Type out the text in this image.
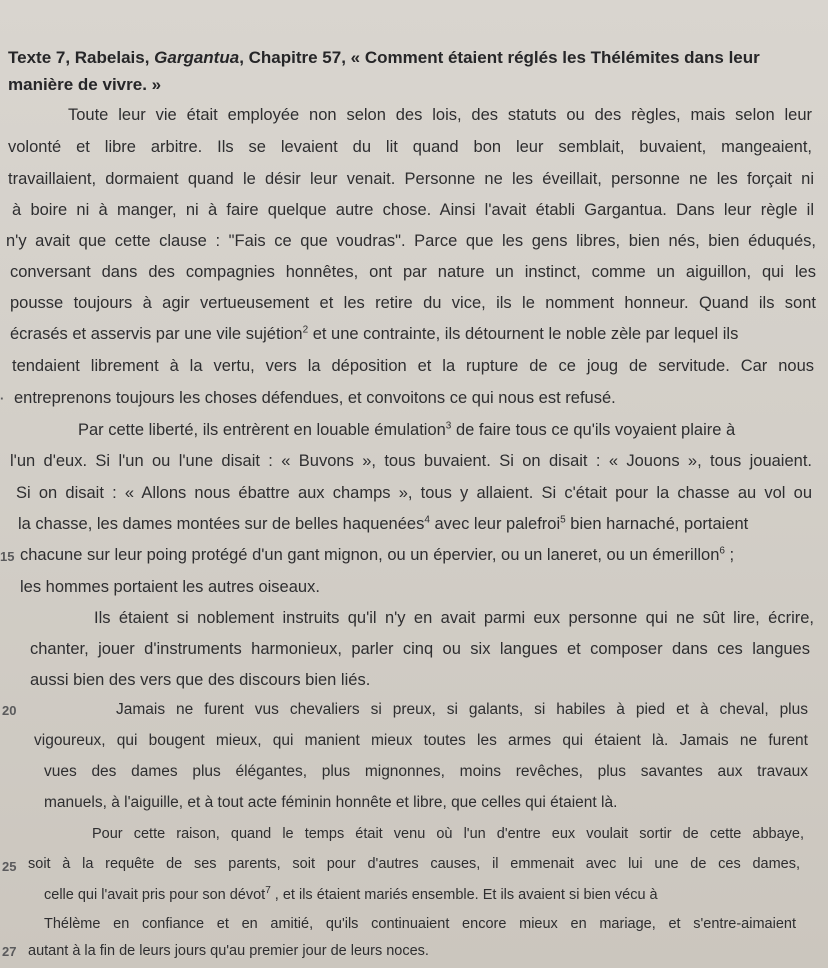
Texte 7, Rabelais, Gargantua, Chapitre 57, « Comment étaient réglés les Thélémites dans leur manière de vivre. »
Toute leur vie était employée non selon des lois, des statuts ou des règles, mais selon leur
volonté et libre arbitre. Ils se levaient du lit quand bon leur semblait, buvaient, mangeaient,
travaillaient, dormaient quand le désir leur venait. Personne ne les éveillait, personne ne les forçait ni
à boire ni à manger, ni à faire quelque autre chose. Ainsi l'avait établi Gargantua. Dans leur règle il
n'y avait que cette clause : "Fais ce que voudras". Parce que les gens libres, bien nés, bien éduqués,
conversant dans des compagnies honnêtes, ont par nature un instinct, comme un aiguillon, qui les
pousse toujours à agir vertueusement et les retire du vice, ils le nomment honneur. Quand ils sont
écrasés et asservis par une vile sujétion$^2$ et une contrainte, ils détournent le noble zèle par lequel ils
tendaient librement à la vertu, vers la déposition et la rupture de ce joug de servitude. Car nous
· entreprenons toujours les choses défendues, et convoitons ce qui nous est refusé.
Par cette liberté, ils entrèrent en louable émulation$^3$ de faire tous ce qu'ils voyaient plaire à
l'un d'eux. Si l'un ou l'une disait : « Buvons », tous buvaient. Si on disait : « Jouons », tous jouaient.
Si on disait : « Allons nous ébattre aux champs », tous y allaient. Si c'était pour la chasse au vol ou
la chasse, les dames montées sur de belles haquenées$^4$ avec leur palefroi$^5$ bien harnaché, portaient
15 chacune sur leur poing protégé d'un gant mignon, ou un épervier, ou un laneret, ou un émerillon$^6$ ;
les hommes portaient les autres oiseaux.
Ils étaient si noblement instruits qu'il n'y en avait parmi eux personne qui ne sût lire, écrire,
chanter, jouer d'instruments harmonieux, parler cinq ou six langues et composer dans ces langues
aussi bien des vers que des discours bien liés.
20	Jamais ne furent vus chevaliers si preux, si galants, si habiles à pied et à cheval, plus
vigoureux, qui bougent mieux, qui manient mieux toutes les armes qui étaient là. Jamais ne furent
vues des dames plus élégantes, plus mignonnes, moins revêches, plus savantes aux travaux
manuels, à l'aiguille, et à tout acte féminin honnête et libre, que celles qui étaient là.
Pour cette raison, quand le temps était venu où l'un d'entre eux voulait sortir de cette abbaye,
25 soit à la requête de ses parents, soit pour d'autres causes, il emmenait avec lui une de ces dames,
celle qui l'avait pris pour son dévot$^7$ , et ils étaient mariés ensemble. Et ils avaient si bien vécu à
Thélème en confiance et en amitié, qu'ils continuaient encore mieux en mariage, et s'entre-aimaient
27 autant à la fin de leurs jours qu'au premier jour de leurs noces.
